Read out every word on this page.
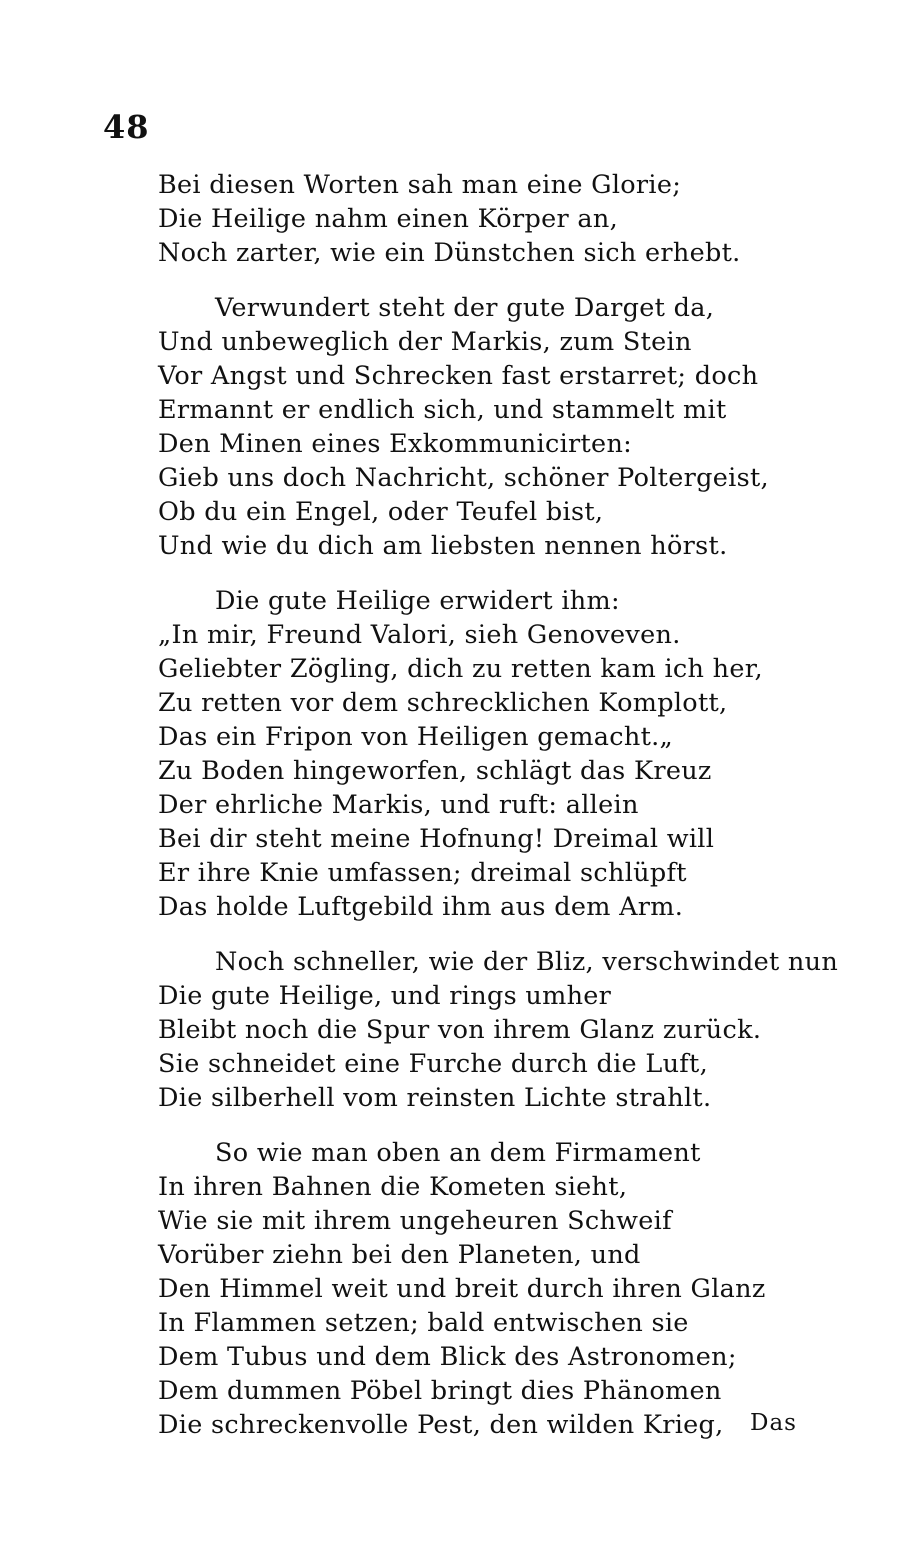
48
Bei diesen Worten sah man eine Glorie;
Die Heilige nahm einen Körper an,
Noch zarter, wie ein Dünstchen sich erhebt.
Verwundert steht der gute Darget da,
Und unbeweglich der Markis, zum Stein
Vor Angst und Schrecken fast erstarret; doch
Ermannt er endlich sich, und stammelt mit
Den Minen eines Exkommunicirten:
Gieb uns doch Nachricht, schöner Poltergeist,
Ob du ein Engel, oder Teufel bist,
Und wie du dich am liebsten nennen hörst.
Die gute Heilige erwidert ihm:
„In mir, Freund Valori, sieh Genoveven.
Geliebter Zögling, dich zu retten kam ich her,
Zu retten vor dem schrecklichen Komplott,
Das ein Fripon von Heiligen gemacht.„
Zu Boden hingeworfen, schlägt das Kreuz
Der ehrliche Markis, und ruft: allein
Bei dir steht meine Hofnung! Dreimal will
Er ihre Knie umfassen; dreimal schlüpft
Das holde Luftgebild ihm aus dem Arm.
Noch schneller, wie der Bliz, verschwindet nun
Die gute Heilige, und rings umher
Bleibt noch die Spur von ihrem Glanz zurück.
Sie schneidet eine Furche durch die Luft,
Die silberhell vom reinsten Lichte strahlt.
So wie man oben an dem Firmament
In ihren Bahnen die Kometen sieht,
Wie sie mit ihrem ungeheuren Schweif
Vorüber ziehn bei den Planeten, und
Den Himmel weit und breit durch ihren Glanz
In Flammen setzen; bald entwischen sie
Dem Tubus und dem Blick des Astronomen;
Dem dummen Pöbel bringt dies Phänomen
Die schreckenvolle Pest, den wilden Krieg,	Das
